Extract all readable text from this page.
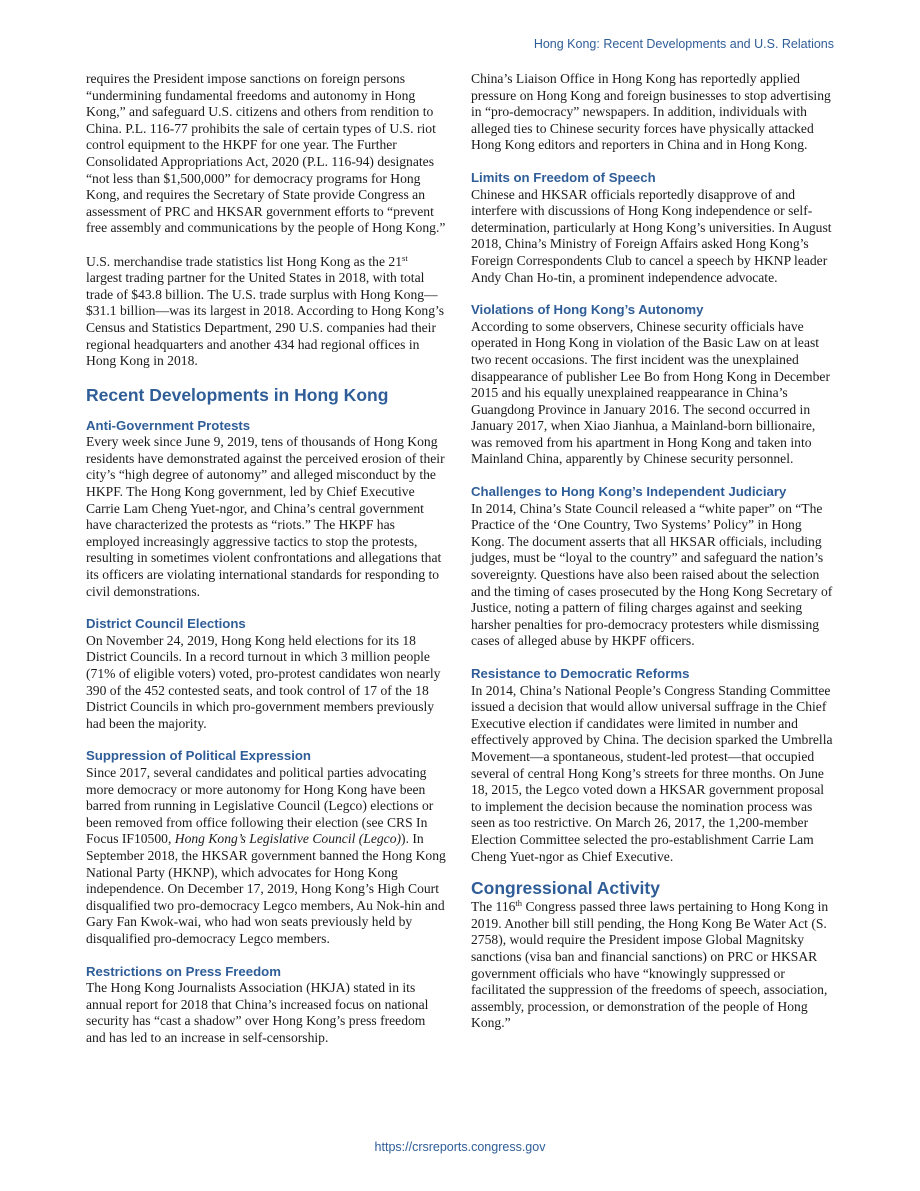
Hong Kong: Recent Developments and U.S. Relations

requires the President impose sanctions on foreign persons “undermining fundamental freedoms and autonomy in Hong Kong,” and safeguard U.S. citizens and others from rendition to China. P.L. 116-77 prohibits the sale of certain types of U.S. riot control equipment to the HKPF for one year. The Further Consolidated Appropriations Act, 2020 (P.L. 116-94) designates “not less than $1,500,000” for democracy programs for Hong Kong, and requires the Secretary of State provide Congress an assessment of PRC and HKSAR government efforts to “prevent free assembly and communications by the people of Hong Kong.”

U.S. merchandise trade statistics list Hong Kong as the 21st largest trading partner for the United States in 2018, with total trade of $43.8 billion. The U.S. trade surplus with Hong Kong—$31.1 billion—was its largest in 2018. According to Hong Kong’s Census and Statistics Department, 290 U.S. companies had their regional headquarters and another 434 had regional offices in Hong Kong in 2018.

Recent Developments in Hong Kong
Anti-Government Protests

Every week since June 9, 2019, tens of thousands of Hong Kong residents have demonstrated against the perceived erosion of their city’s “high degree of autonomy” and alleged misconduct by the HKPF. The Hong Kong government, led by Chief Executive Carrie Lam Cheng Yuet-ngor, and China’s central government have characterized the protests as “riots.” The HKPF has employed increasingly aggressive tactics to stop the protests, resulting in sometimes violent confrontations and allegations that its officers are violating international standards for responding to civil demonstrations.

District Council Elections

On November 24, 2019, Hong Kong held elections for its 18 District Councils. In a record turnout in which 3 million people (71% of eligible voters) voted, pro-protest candidates won nearly 390 of the 452 contested seats, and took control of 17 of the 18 District Councils in which pro-government members previously had been the majority.

Suppression of Political Expression

Since 2017, several candidates and political parties advocating more democracy or more autonomy for Hong Kong have been barred from running in Legislative Council (Legco) elections or been removed from office following their election (see CRS In Focus IF10500, Hong Kong’s Legislative Council (Legco)). In September 2018, the HKSAR government banned the Hong Kong National Party (HKNP), which advocates for Hong Kong independence. On December 17, 2019, Hong Kong’s High Court disqualified two pro-democracy Legco members, Au Nok-hin and Gary Fan Kwok-wai, who had won seats previously held by disqualified pro-democracy Legco members.

Restrictions on Press Freedom

The Hong Kong Journalists Association (HKJA) stated in its annual report for 2018 that China’s increased focus on national security has “cast a shadow” over Hong Kong’s press freedom and has led to an increase in self-censorship.

China’s Liaison Office in Hong Kong has reportedly applied pressure on Hong Kong and foreign businesses to stop advertising in “pro-democracy” newspapers. In addition, individuals with alleged ties to Chinese security forces have physically attacked Hong Kong editors and reporters in China and in Hong Kong.

Limits on Freedom of Speech

Chinese and HKSAR officials reportedly disapprove of and interfere with discussions of Hong Kong independence or self-determination, particularly at Hong Kong’s universities. In August 2018, China’s Ministry of Foreign Affairs asked Hong Kong’s Foreign Correspondents Club to cancel a speech by HKNP leader Andy Chan Ho-tin, a prominent independence advocate.

Violations of Hong Kong’s Autonomy

According to some observers, Chinese security officials have operated in Hong Kong in violation of the Basic Law on at least two recent occasions. The first incident was the unexplained disappearance of publisher Lee Bo from Hong Kong in December 2015 and his equally unexplained reappearance in China’s Guangdong Province in January 2016. The second occurred in January 2017, when Xiao Jianhua, a Mainland-born billionaire, was removed from his apartment in Hong Kong and taken into Mainland China, apparently by Chinese security personnel.

Challenges to Hong Kong’s Independent Judiciary

In 2014, China’s State Council released a “white paper” on “The Practice of the ‘One Country, Two Systems’ Policy” in Hong Kong. The document asserts that all HKSAR officials, including judges, must be “loyal to the country” and safeguard the nation’s sovereignty. Questions have also been raised about the selection and the timing of cases prosecuted by the Hong Kong Secretary of Justice, noting a pattern of filing charges against and seeking harsher penalties for pro-democracy protesters while dismissing cases of alleged abuse by HKPF officers.

Resistance to Democratic Reforms

In 2014, China’s National People’s Congress Standing Committee issued a decision that would allow universal suffrage in the Chief Executive election if candidates were limited in number and effectively approved by China. The decision sparked the Umbrella Movement—a spontaneous, student-led protest—that occupied several of central Hong Kong’s streets for three months. On June 18, 2015, the Legco voted down a HKSAR government proposal to implement the decision because the nomination process was seen as too restrictive. On March 26, 2017, the 1,200-member Election Committee selected the pro-establishment Carrie Lam Cheng Yuet-ngor as Chief Executive.

Congressional Activity

The 116th Congress passed three laws pertaining to Hong Kong in 2019. Another bill still pending, the Hong Kong Be Water Act (S. 2758), would require the President impose Global Magnitsky sanctions (visa ban and financial sanctions) on PRC or HKSAR government officials who have “knowingly suppressed or facilitated the suppression of the freedoms of speech, association, assembly, procession, or demonstration of the people of Hong Kong.”

https://crsreports.congress.gov
